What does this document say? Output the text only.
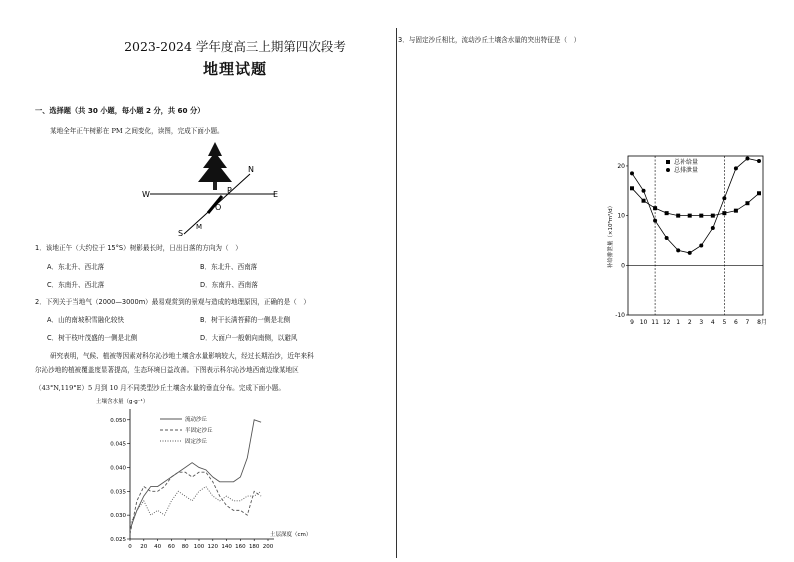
2023-2024 学年度高三上期第四次段考
地理试题
一、选择题（共 30 小题，每小题 2 分，共 60 分）
某地全年正午树影在 PM 之间变化，读图，完成下面小题。
W	E
N
S
O
P
M
1．该地正午（大约位于 15°S）树影最长时，日出日落的方向为（　）
A．东北升、西北落	B．东北升、西南落
C．东南升、西北落	D．东南升、西南落
2．下列关于当地气（2000—3000m）最易观赏到的景观与造成的地理原因，正确的是（　）
A．山的南坡积雪融化较快	B．树干长满苔藓的一侧是北侧
C．树干枝叶茂盛的一侧是北侧	D．大面户一般朝向南侧，以避风
研究表明，气候、植被等因素对科尔沁沙地土壤含水量影响较大，经过长期治沙，近年来科
尔沁沙地的植被覆盖度显著提高，生态环境日益改善。下图表示科尔沁沙地西南边缘某地区
（43°N,119°E）5 月到 10 月不同类型沙丘土壤含水量的垂直分布。完成下面小题。
0.025
0.030
0.035
0.040
0.045
0.050
0 20 40 60 80 100 120 140 160 180 200
土壤含水量（g·g⁻¹）
土层深度（cm）
流动沙丘
半固定沙丘
固定沙丘
3．与固定沙丘相比，流动沙丘土壤含水量的突出特征是（　）
-10
0
10
20
9 10 11 12 1 2 3 4 5 6 7 8 月
补给排泄量（×10⁸m³/d）
总补给量
总排泄量
